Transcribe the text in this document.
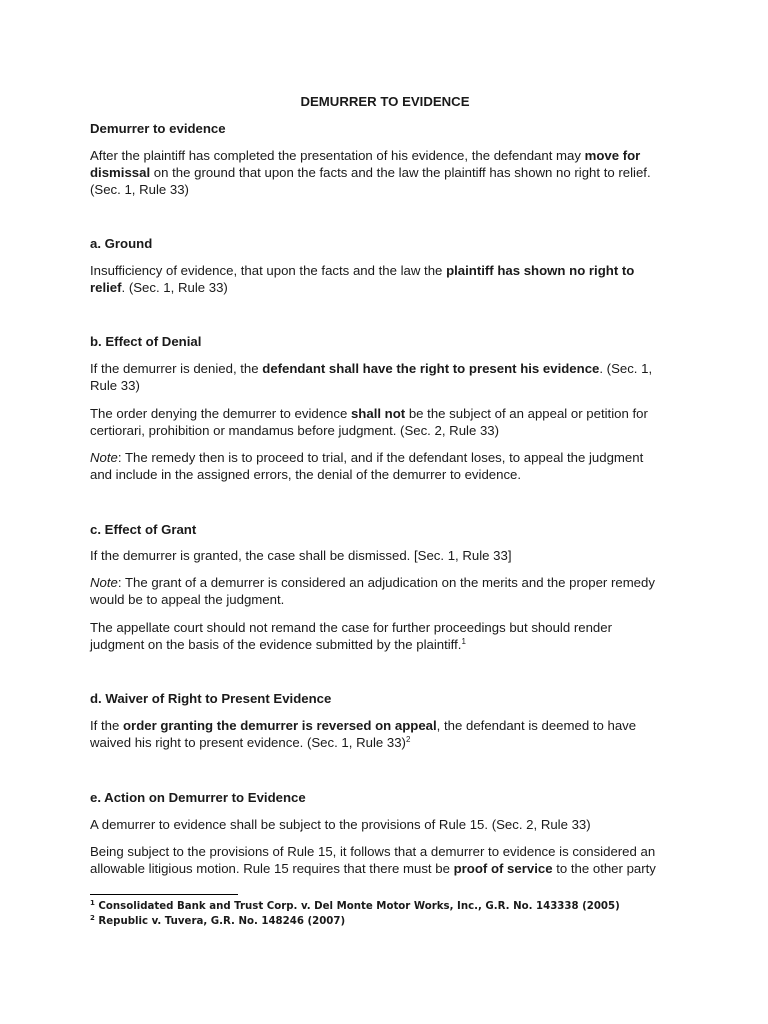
DEMURRER TO EVIDENCE
Demurrer to evidence

After the plaintiff has completed the presentation of his evidence, the defendant may move for dismissal on the ground that upon the facts and the law the plaintiff has shown no right to relief. (Sec. 1, Rule 33)

a. Ground

Insufficiency of evidence, that upon the facts and the law the plaintiff has shown no right to relief. (Sec. 1, Rule 33)

b. Effect of Denial

If the demurrer is denied, the defendant shall have the right to present his evidence. (Sec. 1, Rule 33)

The order denying the demurrer to evidence shall not be the subject of an appeal or petition for certiorari, prohibition or mandamus before judgment. (Sec. 2, Rule 33)

Note: The remedy then is to proceed to trial, and if the defendant loses, to appeal the judgment and include in the assigned errors, the denial of the demurrer to evidence.

c. Effect of Grant

If the demurrer is granted, the case shall be dismissed. [Sec. 1, Rule 33]

Note: The grant of a demurrer is considered an adjudication on the merits and the proper remedy would be to appeal the judgment.

The appellate court should not remand the case for further proceedings but should render judgment on the basis of the evidence submitted by the plaintiff.$^1$

d. Waiver of Right to Present Evidence

If the order granting the demurrer is reversed on appeal, the defendant is deemed to have waived his right to present evidence. (Sec. 1, Rule 33)$^2$

e. Action on Demurrer to Evidence

A demurrer to evidence shall be subject to the provisions of Rule 15. (Sec. 2, Rule 33)

Being subject to the provisions of Rule 15, it follows that a demurrer to evidence is considered an allowable litigious motion. Rule 15 requires that there must be proof of service to the other party

$^1$ Consolidated Bank and Trust Corp. v. Del Monte Motor Works, Inc., G.R. No. 143338 (2005)
$^2$ Republic v. Tuvera, G.R. No. 148246 (2007)
